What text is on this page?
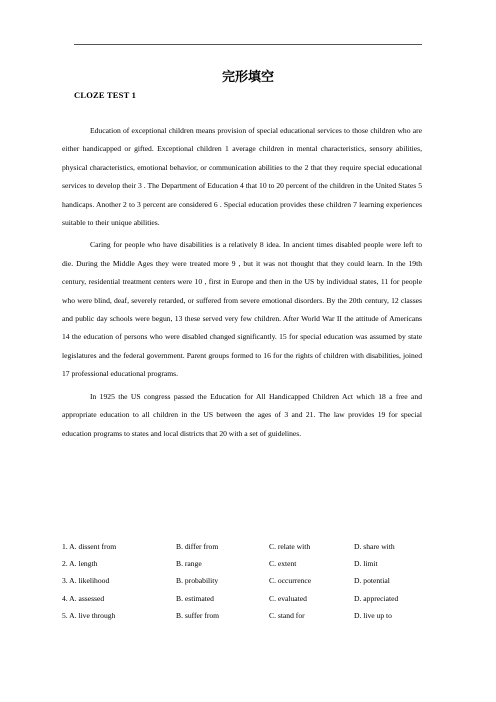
完形填空
CLOZE TEST 1

Education of exceptional children means provision of special educational services to those children who are either handicapped or gifted. Exceptional children 1 average children in mental characteristics, sensory abilities, physical characteristics, emotional behavior, or communication abilities to the 2 that they require special educational services to develop their 3 . The Department of Education 4 that 10 to 20 percent of the children in the United States 5 handicaps. Another 2 to 3 percent are considered 6 . Special education provides these children 7 learning experiences suitable to their unique abilities.

Caring for people who have disabilities is a relatively 8 idea. In ancient times disabled people were left to die. During the Middle Ages they were treated more 9 , but it was not thought that they could learn. In the 19th century, residential treatment centers were 10 , first in Europe and then in the US by individual states, 11 for people who were blind, deaf, severely retarded, or suffered from severe emotional disorders. By the 20th century, 12 classes and public day schools were begun, 13 these served very few children. After World War II the attitude of Americans 14 the education of persons who were disabled changed significantly. 15 for special education was assumed by state legislatures and the federal government. Parent groups formed to 16 for the rights of children with disabilities, joined 17 professional educational programs.

In 1925 the US congress passed the Education for All Handicapped Children Act which 18 a free and appropriate education to all children in the US between the ages of 3 and 21. The law provides 19 for special education programs to states and local districts that 20 with a set of guidelines.

1. A. dissent from	B. differ from	C. relate with	D. share with
2. A. length	B. range	C. extent	D. limit
3. A. likelihood	B. probability	C. occurrence	D. potential
4. A. assessed	B. estimated	C. evaluated	D. appreciated
5. A. live through	B. suffer from	C. stand for	D. live up to
